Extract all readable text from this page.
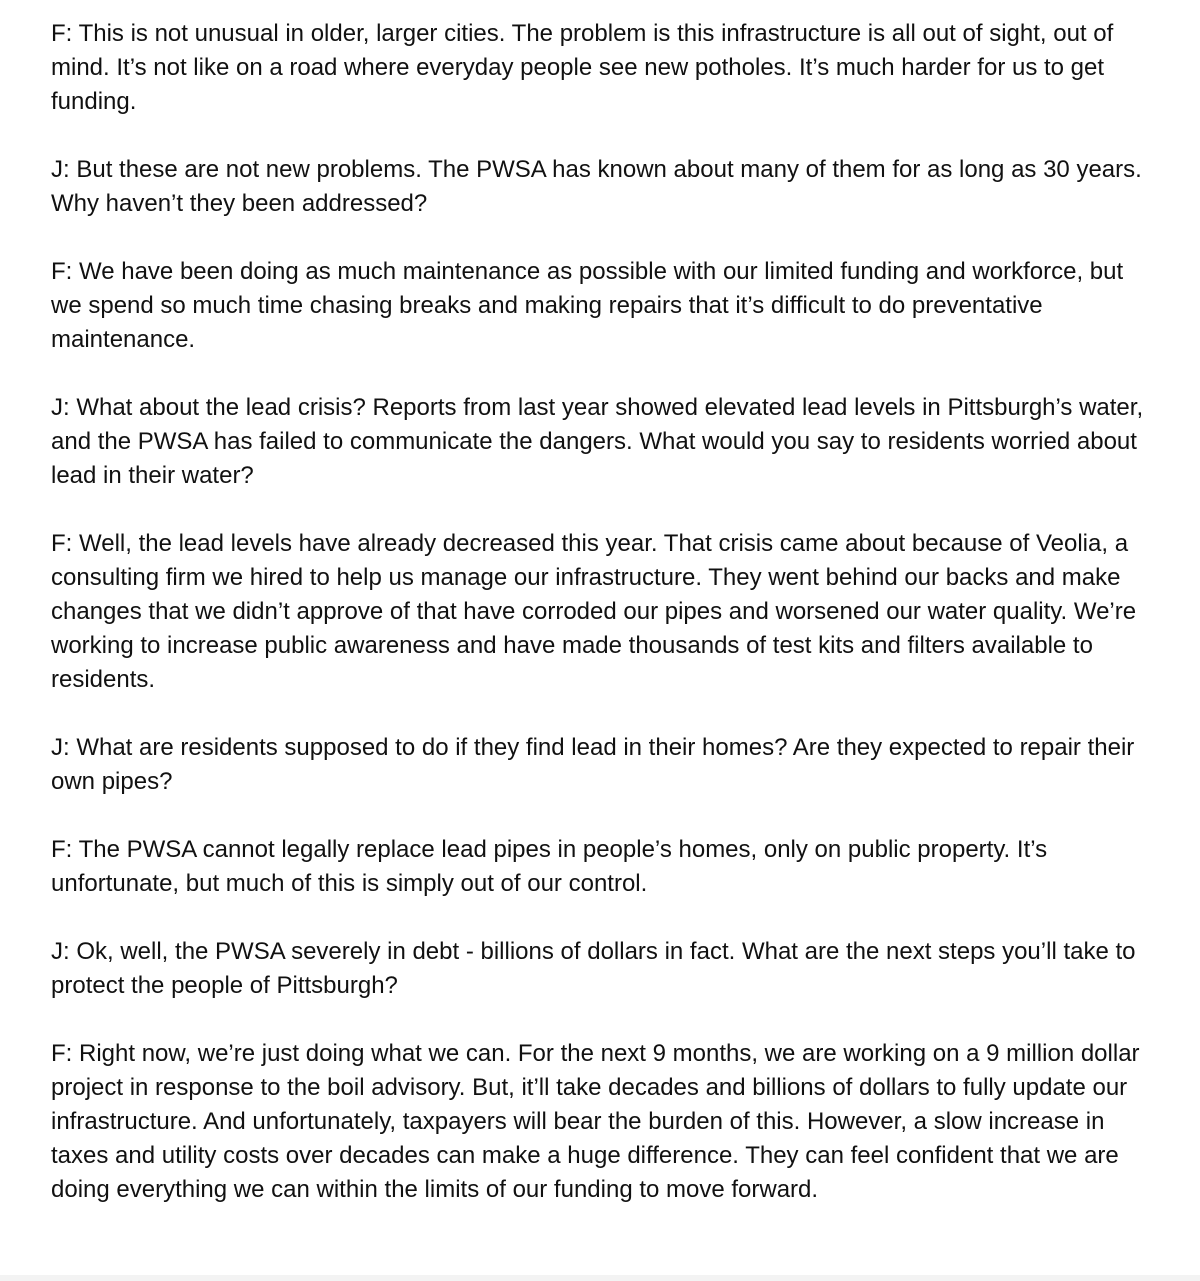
F: This is not unusual in older, larger cities. The problem is this infrastructure is all out of sight, out of mind. It’s not like on a road where everyday people see new potholes. It’s much harder for us to get funding.

J: But these are not new problems. The PWSA has known about many of them for as long as 30 years. Why haven’t they been addressed?

F: We have been doing as much maintenance as possible with our limited funding and workforce, but we spend so much time chasing breaks and making repairs that it’s difficult to do preventative maintenance.

J: What about the lead crisis? Reports from last year showed elevated lead levels in Pittsburgh’s water, and the PWSA has failed to communicate the dangers. What would you say to residents worried about lead in their water?

F: Well, the lead levels have already decreased this year. That crisis came about because of Veolia, a consulting firm we hired to help us manage our infrastructure. They went behind our backs and make changes that we didn’t approve of that have corroded our pipes and worsened our water quality. We’re working to increase public awareness and have made thousands of test kits and filters available to residents.

J: What are residents supposed to do if they find lead in their homes? Are they expected to repair their own pipes?

F: The PWSA cannot legally replace lead pipes in people’s homes, only on public property. It’s unfortunate, but much of this is simply out of our control.

J: Ok, well, the PWSA severely in debt - billions of dollars in fact. What are the next steps you’ll take to protect the people of Pittsburgh?

F: Right now, we’re just doing what we can. For the next 9 months, we are working on a 9 million dollar project in response to the boil advisory. But, it’ll take decades and billions of dollars to fully update our infrastructure. And unfortunately, taxpayers will bear the burden of this. However, a slow increase in taxes and utility costs over decades can make a huge difference. They can feel confident that we are doing everything we can within the limits of our funding to move forward.
